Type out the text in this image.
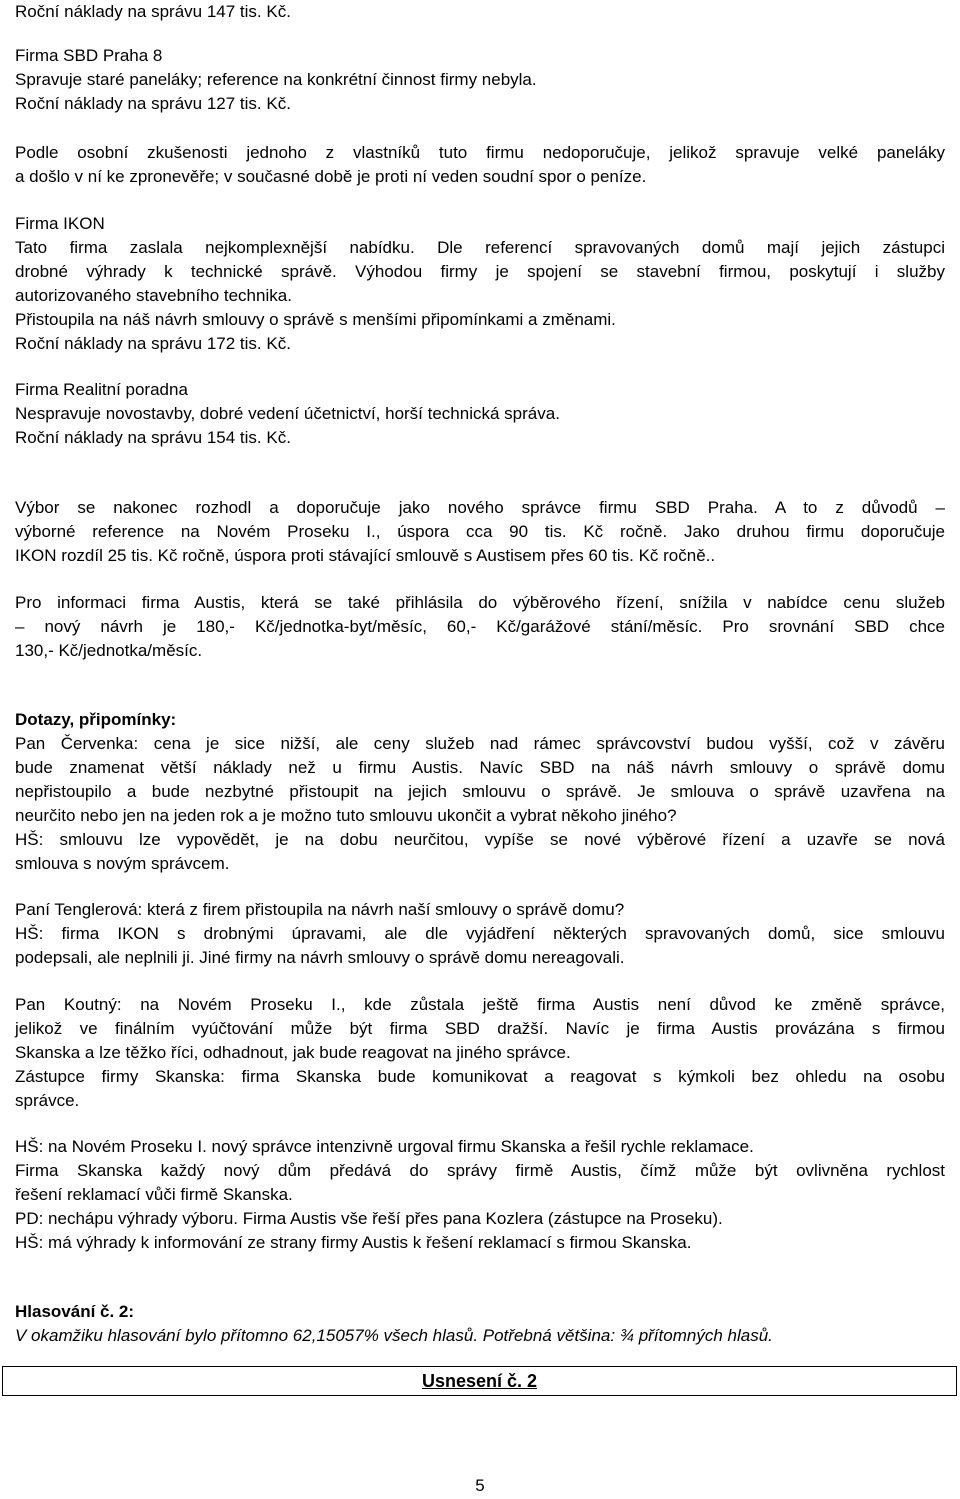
Roční náklady na správu 147 tis. Kč.
Firma SBD Praha 8
Spravuje staré paneláky; reference na konkrétní činnost firmy nebyla.
Roční náklady na správu 127 tis. Kč.
Podle osobní zkušenosti jednoho z vlastníků tuto firmu nedoporučuje, jelikož spravuje velké paneláky
a došlo v ní ke zpronevěře; v současné době je proti ní veden soudní spor o peníze.
Firma IKON
Tato firma zaslala nejkomplexnější nabídku. Dle referencí spravovaných domů mají jejich zástupci
drobné výhrady k technické správě. Výhodou firmy je spojení se stavební firmou, poskytují i služby
autorizovaného stavebního technika.
Přistoupila na náš návrh smlouvy o správě s menšími připomínkami a změnami.
Roční náklady na správu 172 tis. Kč.
Firma Realitní poradna
Nespravuje novostavby, dobré vedení účetnictví, horší technická správa.
Roční náklady na správu 154 tis. Kč.
Výbor se nakonec rozhodl a doporučuje jako nového správce firmu SBD Praha. A to z důvodů –
výborné reference na Novém Proseku I., úspora cca 90 tis. Kč ročně. Jako druhou firmu doporučuje
IKON rozdíl 25 tis. Kč ročně, úspora proti stávající smlouvě s Austisem přes 60 tis. Kč ročně..
Pro informaci firma Austis, která se také přihlásila do výběrového řízení, snížila v nabídce cenu služeb
– nový návrh je 180,- Kč/jednotka-byt/měsíc, 60,- Kč/garážové stání/měsíc. Pro srovnání SBD chce
130,- Kč/jednotka/měsíc.
Dotazy, připomínky:
Pan Červenka: cena je sice nižší, ale ceny služeb nad rámec správcovství budou vyšší, což v závěru
bude znamenat větší náklady než u firmu Austis. Navíc SBD na náš návrh smlouvy o správě domu
nepřistoupilo a bude nezbytné přistoupit na jejich smlouvu o správě. Je smlouva o správě uzavřena na
neurčito nebo jen na jeden rok a je možno tuto smlouvu ukončit a vybrat někoho jiného?
HŠ: smlouvu lze vypovědět, je na dobu neurčitou, vypíše se nové výběrové řízení a uzavře se nová
smlouva s novým správcem.
Paní Tenglerová: která z firem přistoupila na návrh naší smlouvy o správě domu?
HŠ: firma IKON s drobnými úpravami, ale dle vyjádření některých spravovaných domů, sice smlouvu
podepsali, ale neplnili ji. Jiné firmy na návrh smlouvy o správě domu nereagovali.
Pan Koutný: na Novém Proseku I., kde zůstala ještě firma Austis není důvod ke změně správce,
jelikož ve finálním vyúčtování může být firma SBD dražší. Navíc je firma Austis provázána s firmou
Skanska a lze těžko říci, odhadnout, jak bude reagovat na jiného správce.
Zástupce firmy Skanska: firma Skanska bude komunikovat a reagovat s kýmkoli bez ohledu na osobu
správce.
HŠ: na Novém Proseku I. nový správce intenzivně urgoval firmu Skanska a řešil rychle reklamace.
Firma Skanska každý nový dům předává do správy firmě Austis, čímž může být ovlivněna rychlost
řešení reklamací vůči firmě Skanska.
PD: nechápu výhrady výboru. Firma Austis vše řeší přes pana Kozlera (zástupce na Proseku).
HŠ: má výhrady k informování ze strany firmy Austis k řešení reklamací s firmou Skanska.
Hlasování č. 2:
V okamžiku hlasování bylo přítomno 62,15057% všech hlasů. Potřebná většina: ¾ přítomných hlasů.
Usnesení č. 2
5
